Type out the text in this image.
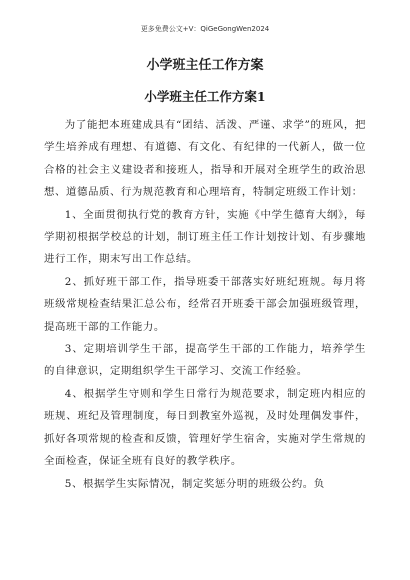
更多免费公文+V：QiGeGongWen2024
小学班主任工作方案
小学班主任工作方案1

为了能把本班建成具有“团结、活泼、严谨、求学”的班风，把学生培养成有理想、有道德、有文化、有纪律的一代新人，做一位合格的社会主义建设者和接班人，指导和开展对全班学生的政治思想、道德品质、行为规范教育和心理培育，特制定班级工作计划：

1、全面贯彻执行党的教育方针，实施《中学生德育大纲》，每学期初根据学校总的计划，制订班主任工作计划按计划、有步骤地进行工作，期末写出工作总结。

2、抓好班干部工作，指导班委干部落实好班纪班规。每月将班级常规检查结果汇总公布，经常召开班委干部会加强班级管理，提高班干部的工作能力。

3、定期培训学生干部，提高学生干部的工作能力，培养学生的自律意识，定期组织学生干部学习、交流工作经验。

4、根据学生守则和学生日常行为规范要求，制定班内相应的班规、班纪及管理制度，每日到教室外巡视，及时处理偶发事件，抓好各项常规的检查和反馈，管理好学生宿舍，实施对学生常规的全面检查，保证全班有良好的教学秩序。

5、根据学生实际情况，制定奖惩分明的班级公约。负
